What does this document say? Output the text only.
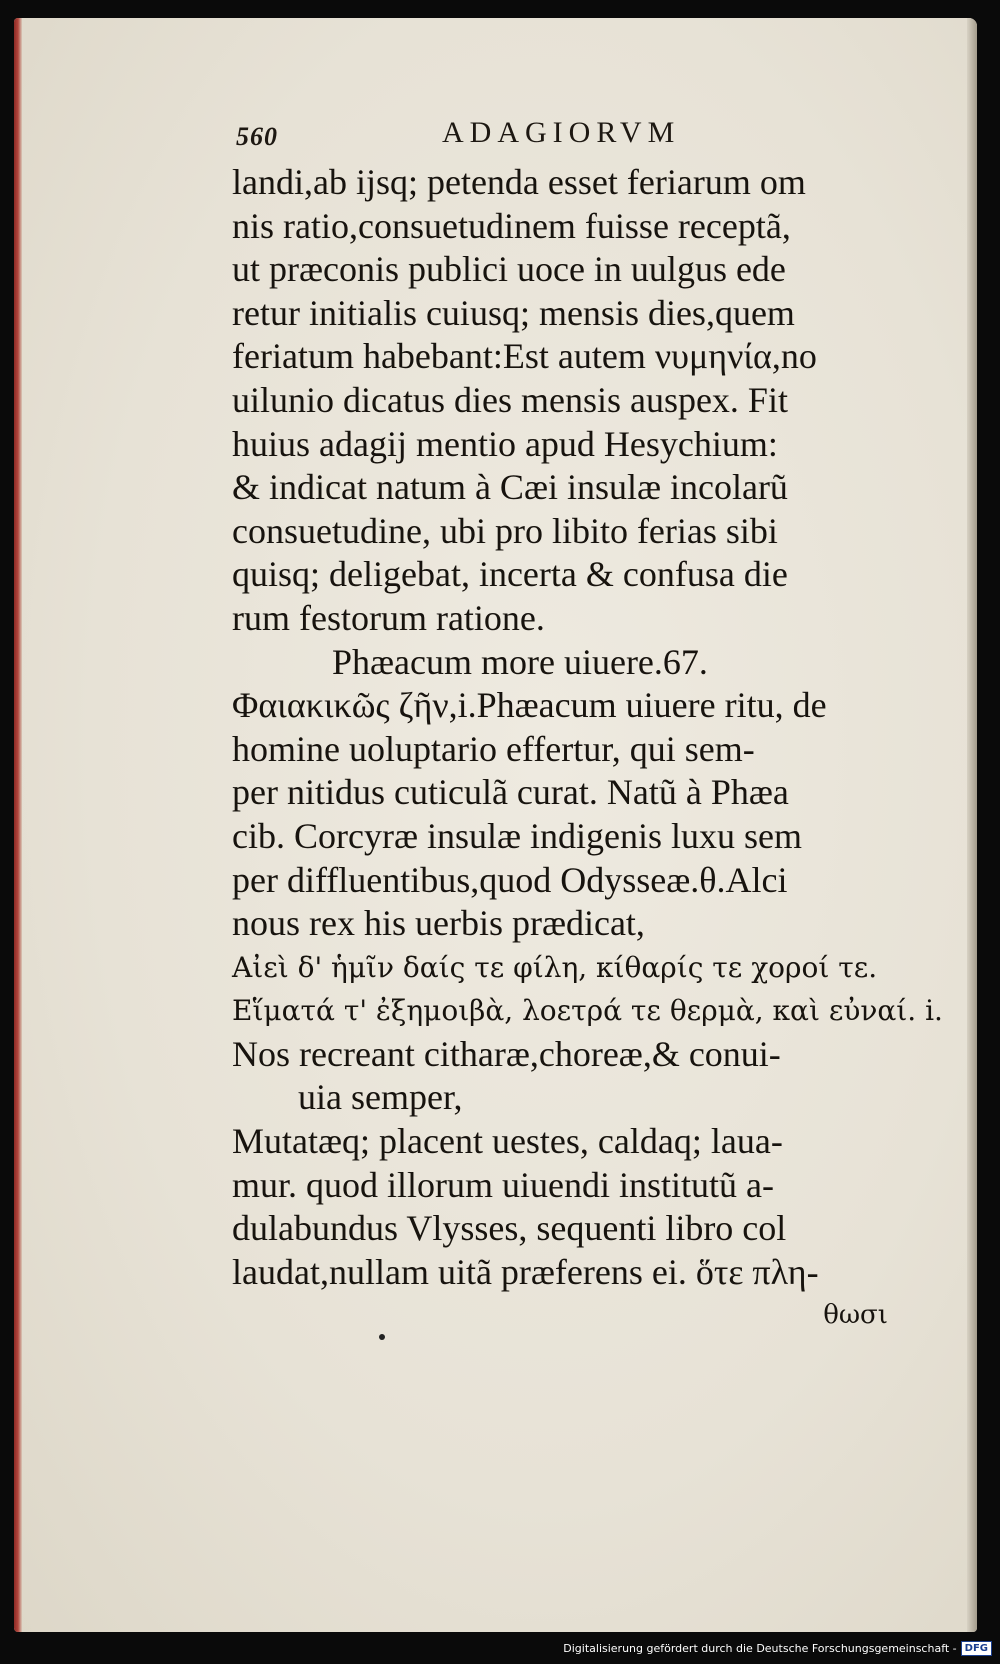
560	ADAGIORVM
landi,ab ijsq; petenda esset feriarum om
nis ratio,consuetudinem fuisse receptã,
ut præconis publici uoce in uulgus ede
retur initialis cuiusq; mensis dies,quem
feriatum habebant:Est autem νυμηνία,no
uilunio dicatus dies mensis auspex. Fit
huius adagij mentio apud Hesychium:
& indicat natum à Cæi insulæ incolarũ
consuetudine, ubi pro libito ferias sibi
quisq; deligebat, incerta & confusa die
rum festorum ratione.
Phæacum more uiuere.67.
Φαιακικῶς ζῆν,i.Phæacum uiuere ritu, de
homine uoluptario effertur, qui sem-
per nitidus cuticulã curat. Natũ à Phæa
cib. Corcyræ insulæ indigenis luxu sem
per diffluentibus,quod Odysseæ.θ.Alci
nous rex his uerbis prædicat,
Αἰεὶ δ' ἡμῖν δαίς τε φίλη, κίθαρίς τε χοροί τε.
Εἵματά τ' ἐξημοιβὰ, λοετρά τε θερμὰ, καὶ εὐναί. i.
Nos recreant citharæ,choreæ,& conui-
uia semper,
Mutatæq; placent uestes, caldaq; laua-
mur. quod illorum uiuendi institutũ a-
dulabundus Vlysses, sequenti libro col
laudat,nullam uitã præferens ei. ὅτε πλη-
θωσι
Digitalisierung gefördert durch die Deutsche Forschungsgemeinschaft - DFG
